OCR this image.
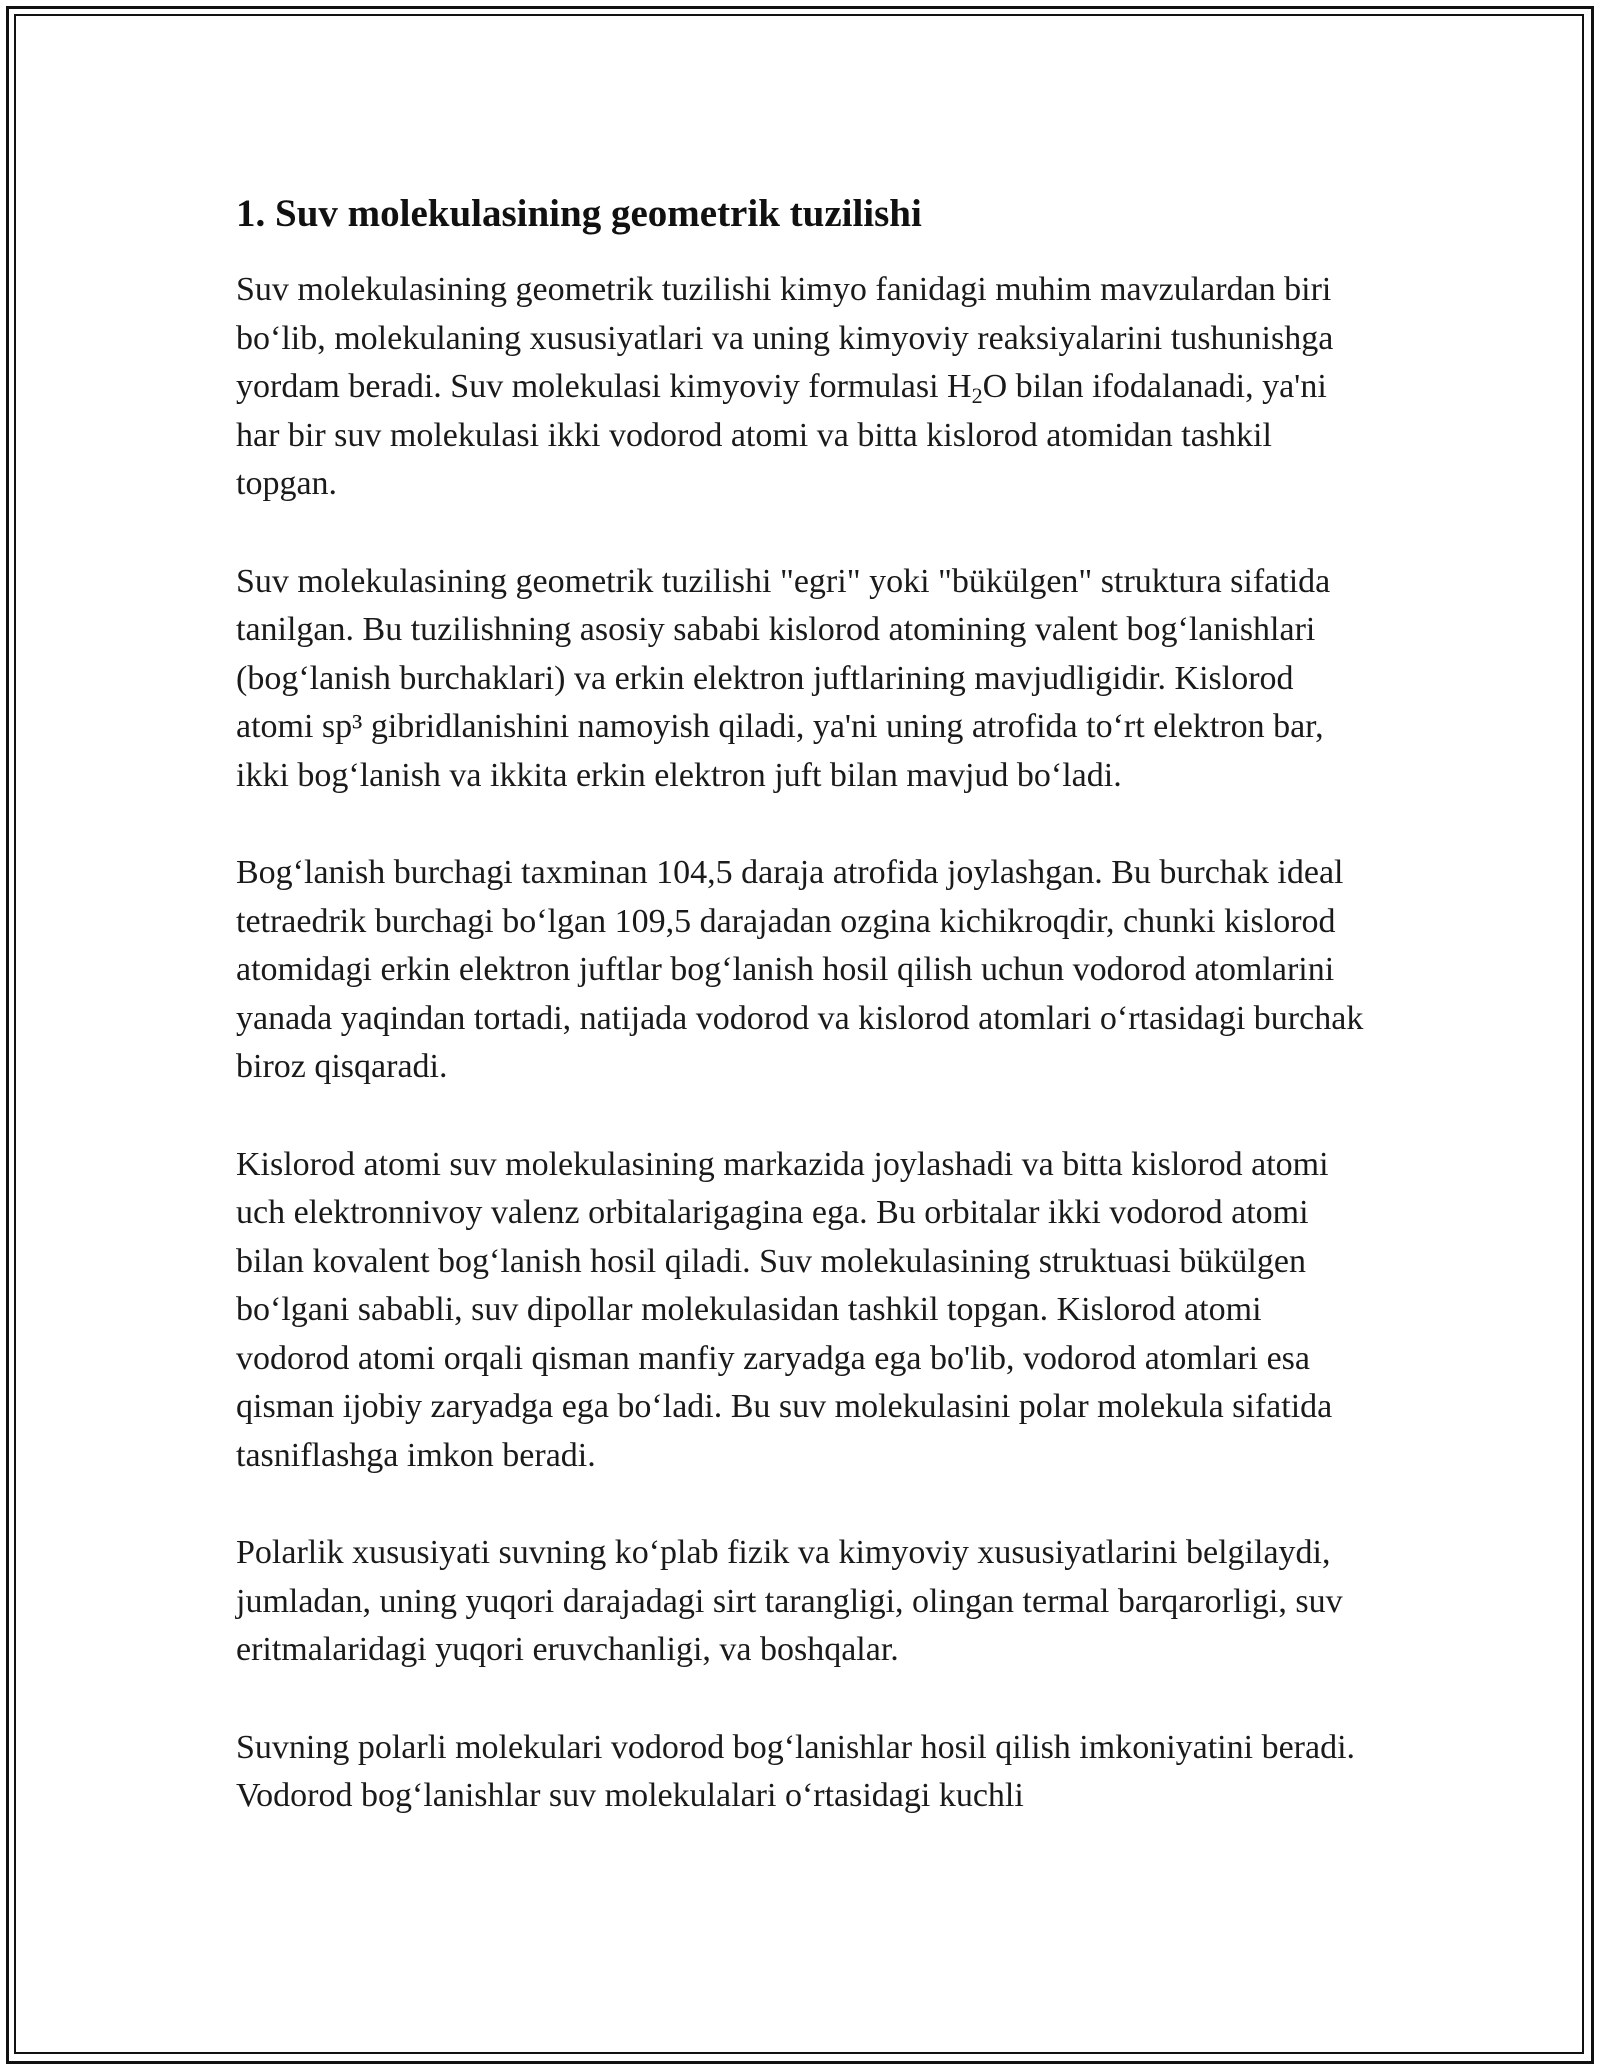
1. Suv molekulasining geometrik tuzilishi

Suv molekulasining geometrik tuzilishi kimyo fanidagi muhim mavzulardan biri bo‘lib, molekulaning xususiyatlari va uning kimyoviy reaksiyalarini tushunishga yordam beradi. Suv molekulasi kimyoviy formulasi $H_2O$ bilan ifodalanadi, ya'ni har bir suv molekulasi ikki vodorod atomi va bitta kislorod atomidan tashkil topgan.

Suv molekulasining geometrik tuzilishi "egri" yoki "bükülgen" struktura sifatida tanilgan. Bu tuzilishning asosiy sababi kislorod atomining valent bog‘lanishlari (bog‘lanish burchaklari) va erkin elektron juftlarining mavjudligidir. Kislorod atomi sp³ gibridlanishini namoyish qiladi, ya'ni uning atrofida to‘rt elektron bar, ikki bog‘lanish va ikkita erkin elektron juft bilan mavjud bo‘ladi.

Bog‘lanish burchagi taxminan 104,5 daraja atrofida joylashgan. Bu burchak ideal tetraedrik burchagi bo‘lgan 109,5 darajadan ozgina kichikroqdir, chunki kislorod atomidagi erkin elektron juftlar bog‘lanish hosil qilish uchun vodorod atomlarini yanada yaqindan tortadi, natijada vodorod va kislorod atomlari o‘rtasidagi burchak biroz qisqaradi.

Kislorod atomi suv molekulasining markazida joylashadi va bitta kislorod atomi uch elektronnivoy valenz orbitalarigagina ega. Bu orbitalar ikki vodorod atomi bilan kovalent bog‘lanish hosil qiladi. Suv molekulasining struktuasi bükülgen bo‘lgani sababli, suv dipollar molekulasidan tashkil topgan. Kislorod atomi vodorod atomi orqali qisman manfiy zaryadga ega bo'lib, vodorod atomlari esa qisman ijobiy zaryadga ega bo‘ladi. Bu suv molekulasini polar molekula sifatida tasniflashga imkon beradi.

Polarlik xususiyati suvning ko‘plab fizik va kimyoviy xususiyatlarini belgilaydi, jumladan, uning yuqori darajadagi sirt tarangligi, olingan termal barqarorligi, suv eritmalaridagi yuqori eruvchanligi, va boshqalar.

Suvning polarli molekulari vodorod bog‘lanishlar hosil qilish imkoniyatini beradi. Vodorod bog‘lanishlar suv molekulalari o‘rtasidagi kuchli
